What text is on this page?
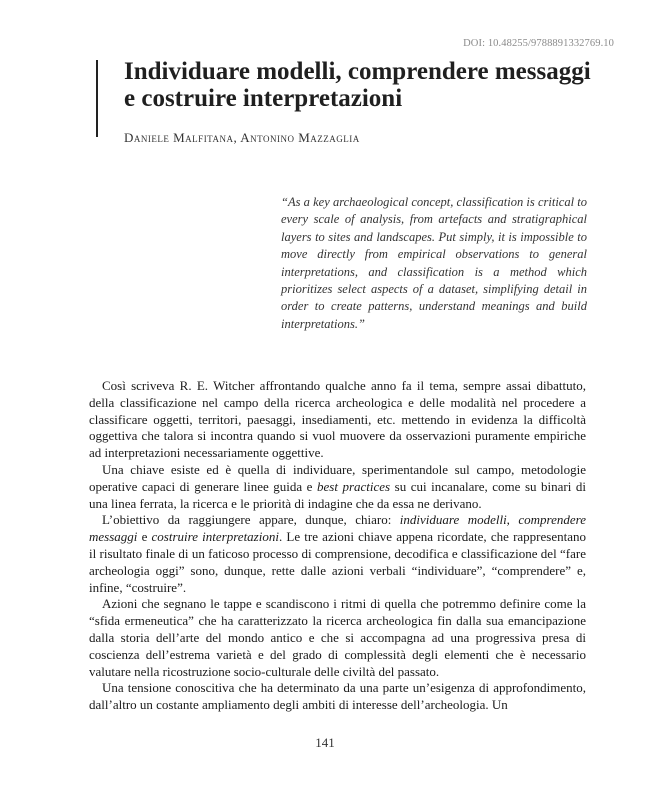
DOI: 10.48255/9788891332769.10
Individuare modelli, comprendere messaggi e costruire interpretazioni
Daniele Malfitana, Antonino Mazzaglia

“As a key archaeological concept, classification is critical to every scale of analysis, from artefacts and stratigraphical layers to sites and landscapes. Put simply, it is impossible to move directly from empirical observations to general interpretations, and classification is a method which prioritizes select aspects of a dataset, simplifying detail in order to create patterns, understand meanings and build interpretations.”

Così scriveva R. E. Witcher affrontando qualche anno fa il tema, sempre assai dibattuto, della classificazione nel campo della ricerca archeologica e delle modalità nel procedere a classificare oggetti, territori, paesaggi, insediamenti, etc. mettendo in evidenza la difficoltà oggettiva che talora si incontra quando si vuol muovere da osservazioni puramente empiriche ad interpretazioni necessariamente oggettive.

Una chiave esiste ed è quella di individuare, sperimentandole sul campo, metodologie operative capaci di generare linee guida e best practices su cui incanalare, come su binari di una linea ferrata, la ricerca e le priorità di indagine che da essa ne derivano.

L’obiettivo da raggiungere appare, dunque, chiaro: individuare modelli, comprendere messaggi e costruire interpretazioni. Le tre azioni chiave appena ricordate, che rappresentano il risultato finale di un faticoso processo di comprensione, decodifica e classificazione del “fare archeologia oggi” sono, dunque, rette dalle azioni verbali “individuare”, “comprendere” e, infine, “costruire”.

Azioni che segnano le tappe e scandiscono i ritmi di quella che potremmo definire come la “sfida ermeneutica” che ha caratterizzato la ricerca archeologica fin dalla sua emancipazione dalla storia dell’arte del mondo antico e che si accompagna ad una progressiva presa di coscienza dell’estrema varietà e del grado di complessità degli elementi che è necessario valutare nella ricostruzione socio-culturale delle civiltà del passato.

Una tensione conoscitiva che ha determinato da una parte un’esigenza di approfondimento, dall’altro un costante ampliamento degli ambiti di interesse dell’archeologia. Un

141
